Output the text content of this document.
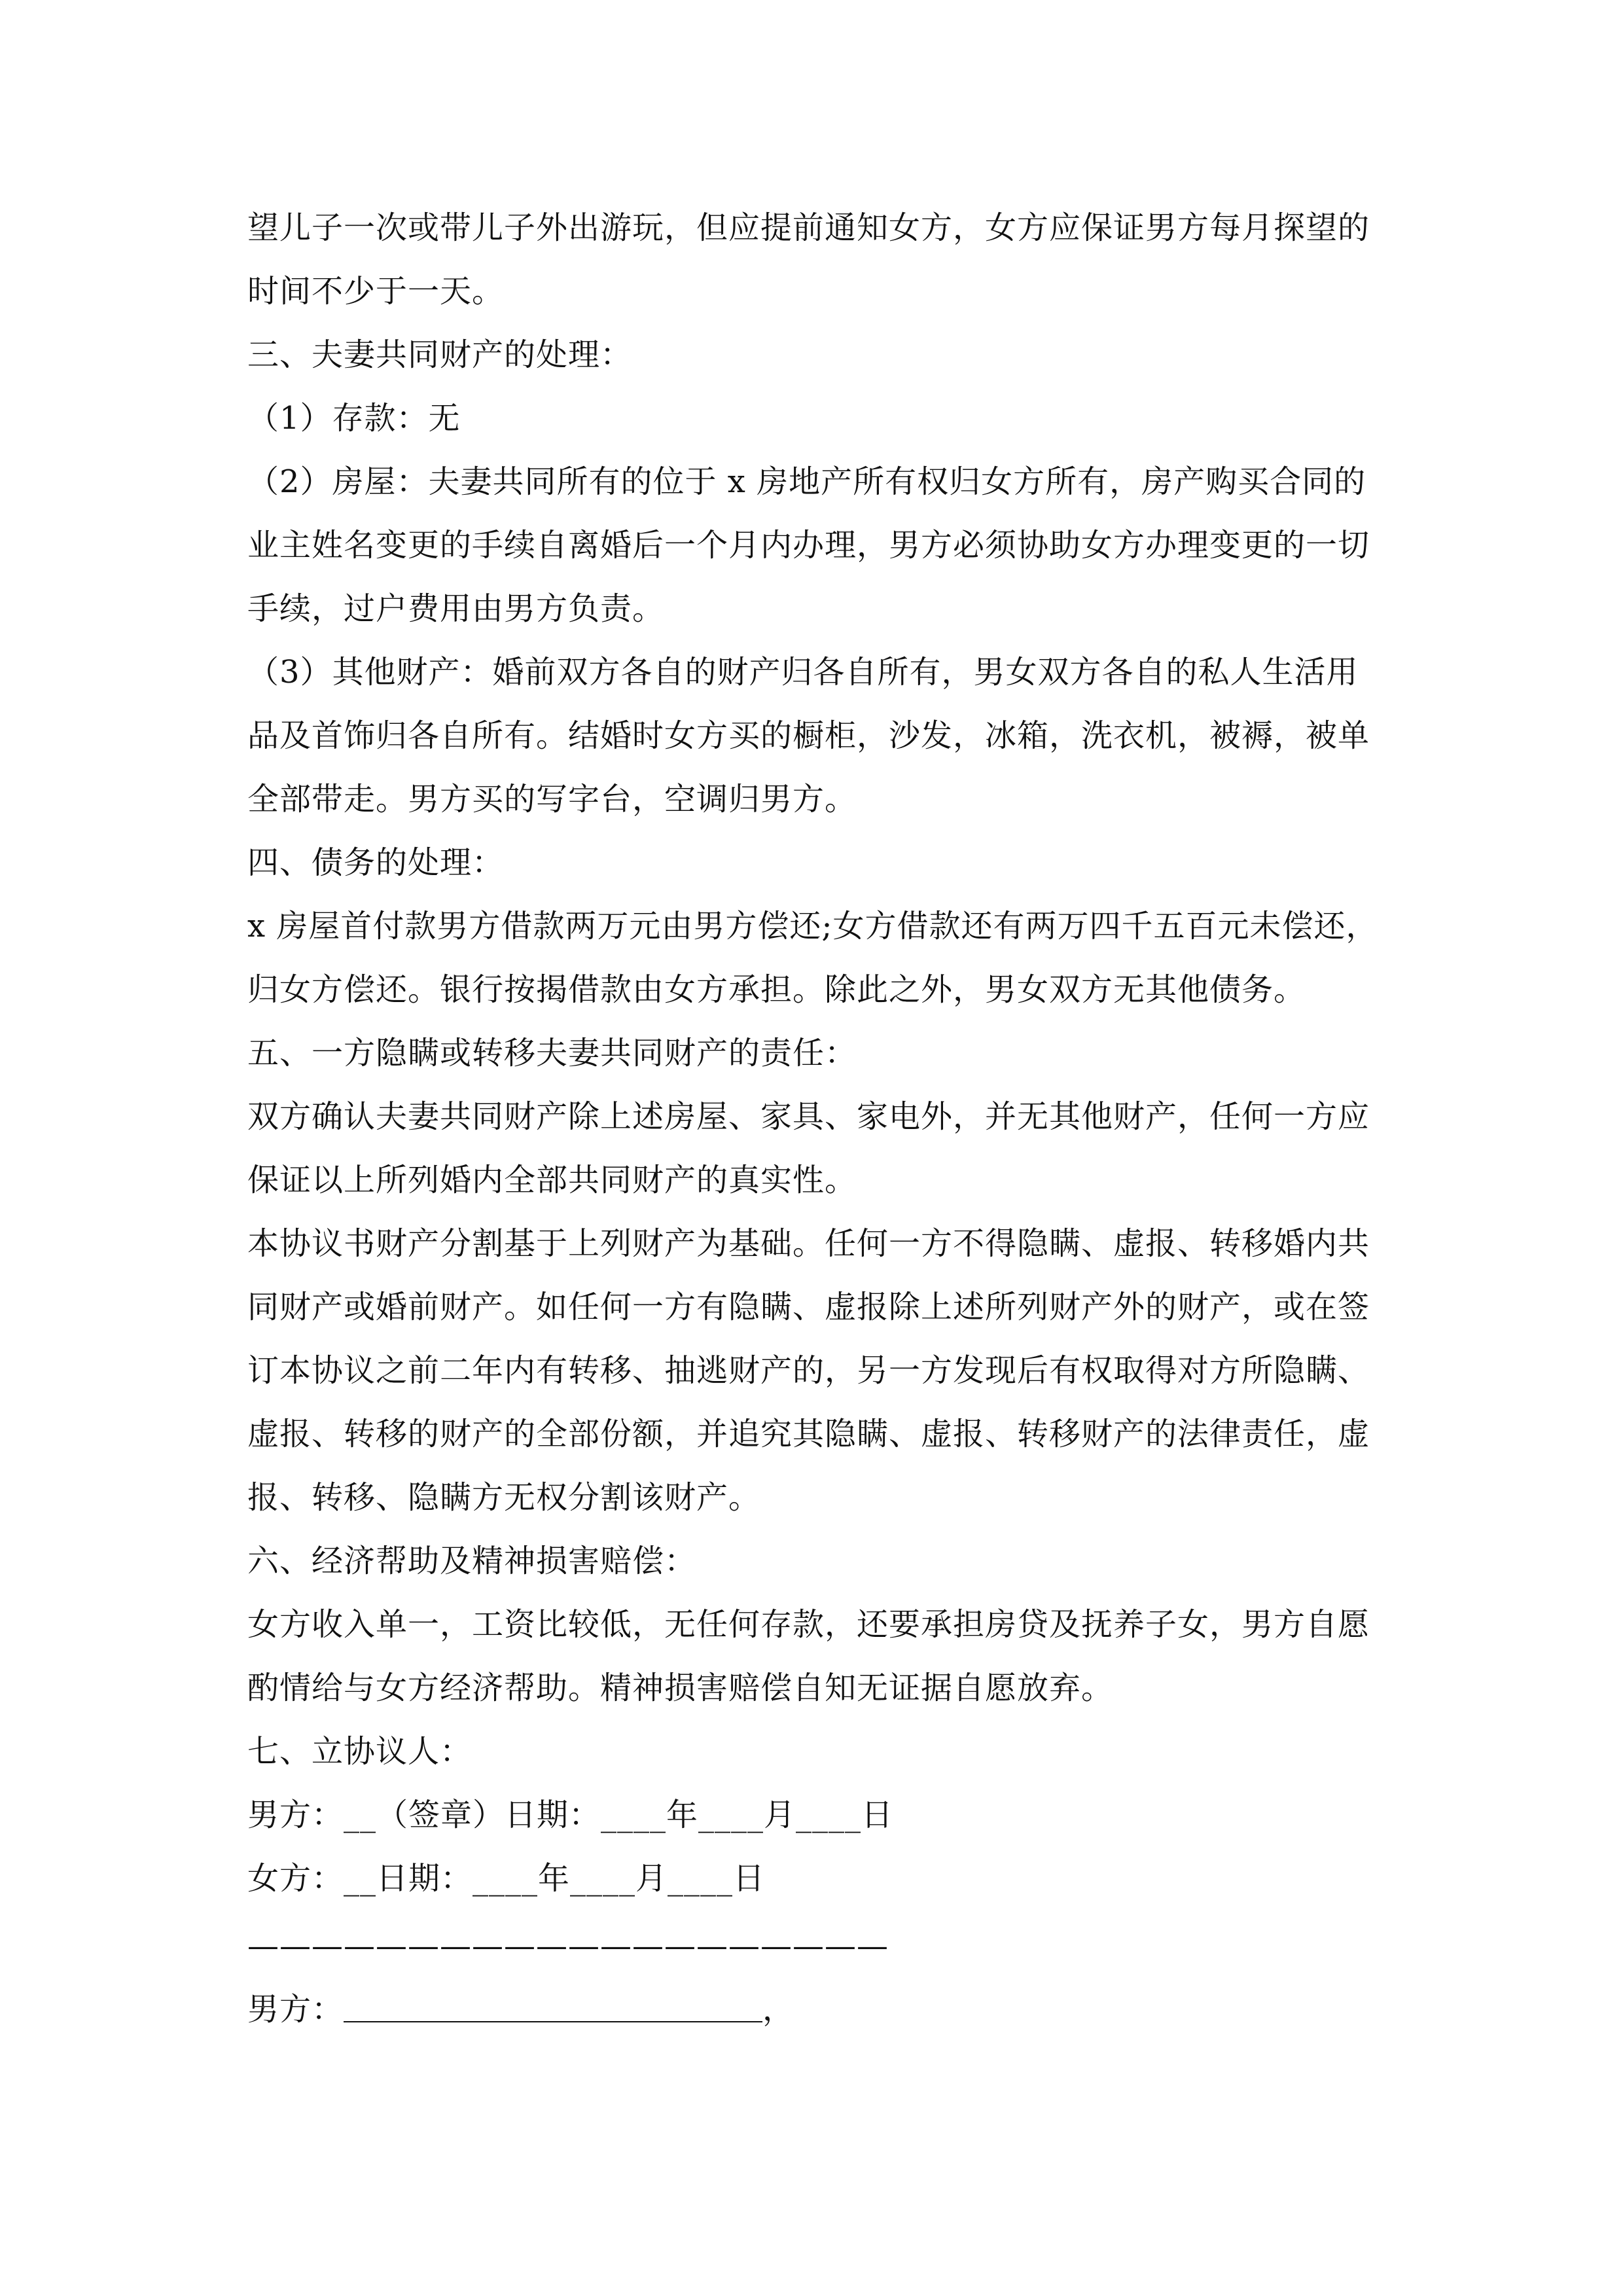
望儿子一次或带儿子外出游玩，但应提前通知女方，女方应保证男方每月探望的
时间不少于一天。
三、夫妻共同财产的处理：
（1）存款：无
（2）房屋：夫妻共同所有的位于 x 房地产所有权归女方所有，房产购买合同的
业主姓名变更的手续自离婚后一个月内办理，男方必须协助女方办理变更的一切
手续，过户费用由男方负责。
（3）其他财产：婚前双方各自的财产归各自所有，男女双方各自的私人生活用
品及首饰归各自所有。结婚时女方买的橱柜，沙发，冰箱，洗衣机，被褥，被单
全部带走。男方买的写字台，空调归男方。
四、债务的处理：
x 房屋首付款男方借款两万元由男方偿还;女方借款还有两万四千五百元未偿还，
归女方偿还。银行按揭借款由女方承担。除此之外，男女双方无其他债务。
五、一方隐瞒或转移夫妻共同财产的责任：
双方确认夫妻共同财产除上述房屋、家具、家电外，并无其他财产，任何一方应
保证以上所列婚内全部共同财产的真实性。
本协议书财产分割基于上列财产为基础。任何一方不得隐瞒、虚报、转移婚内共
同财产或婚前财产。如任何一方有隐瞒、虚报除上述所列财产外的财产，或在签
订本协议之前二年内有转移、抽逃财产的，另一方发现后有权取得对方所隐瞒、
虚报、转移的财产的全部份额，并追究其隐瞒、虚报、转移财产的法律责任，虚
报、转移、隐瞒方无权分割该财产。
六、经济帮助及精神损害赔偿：
女方收入单一，工资比较低，无任何存款，还要承担房贷及抚养子女，男方自愿
酌情给与女方经济帮助。精神损害赔偿自知无证据自愿放弃。
七、立协议人：
男方：__（签章）日期：____年____月____日
女方：__日期：____年____月____日
————————————————————
男方：	，
